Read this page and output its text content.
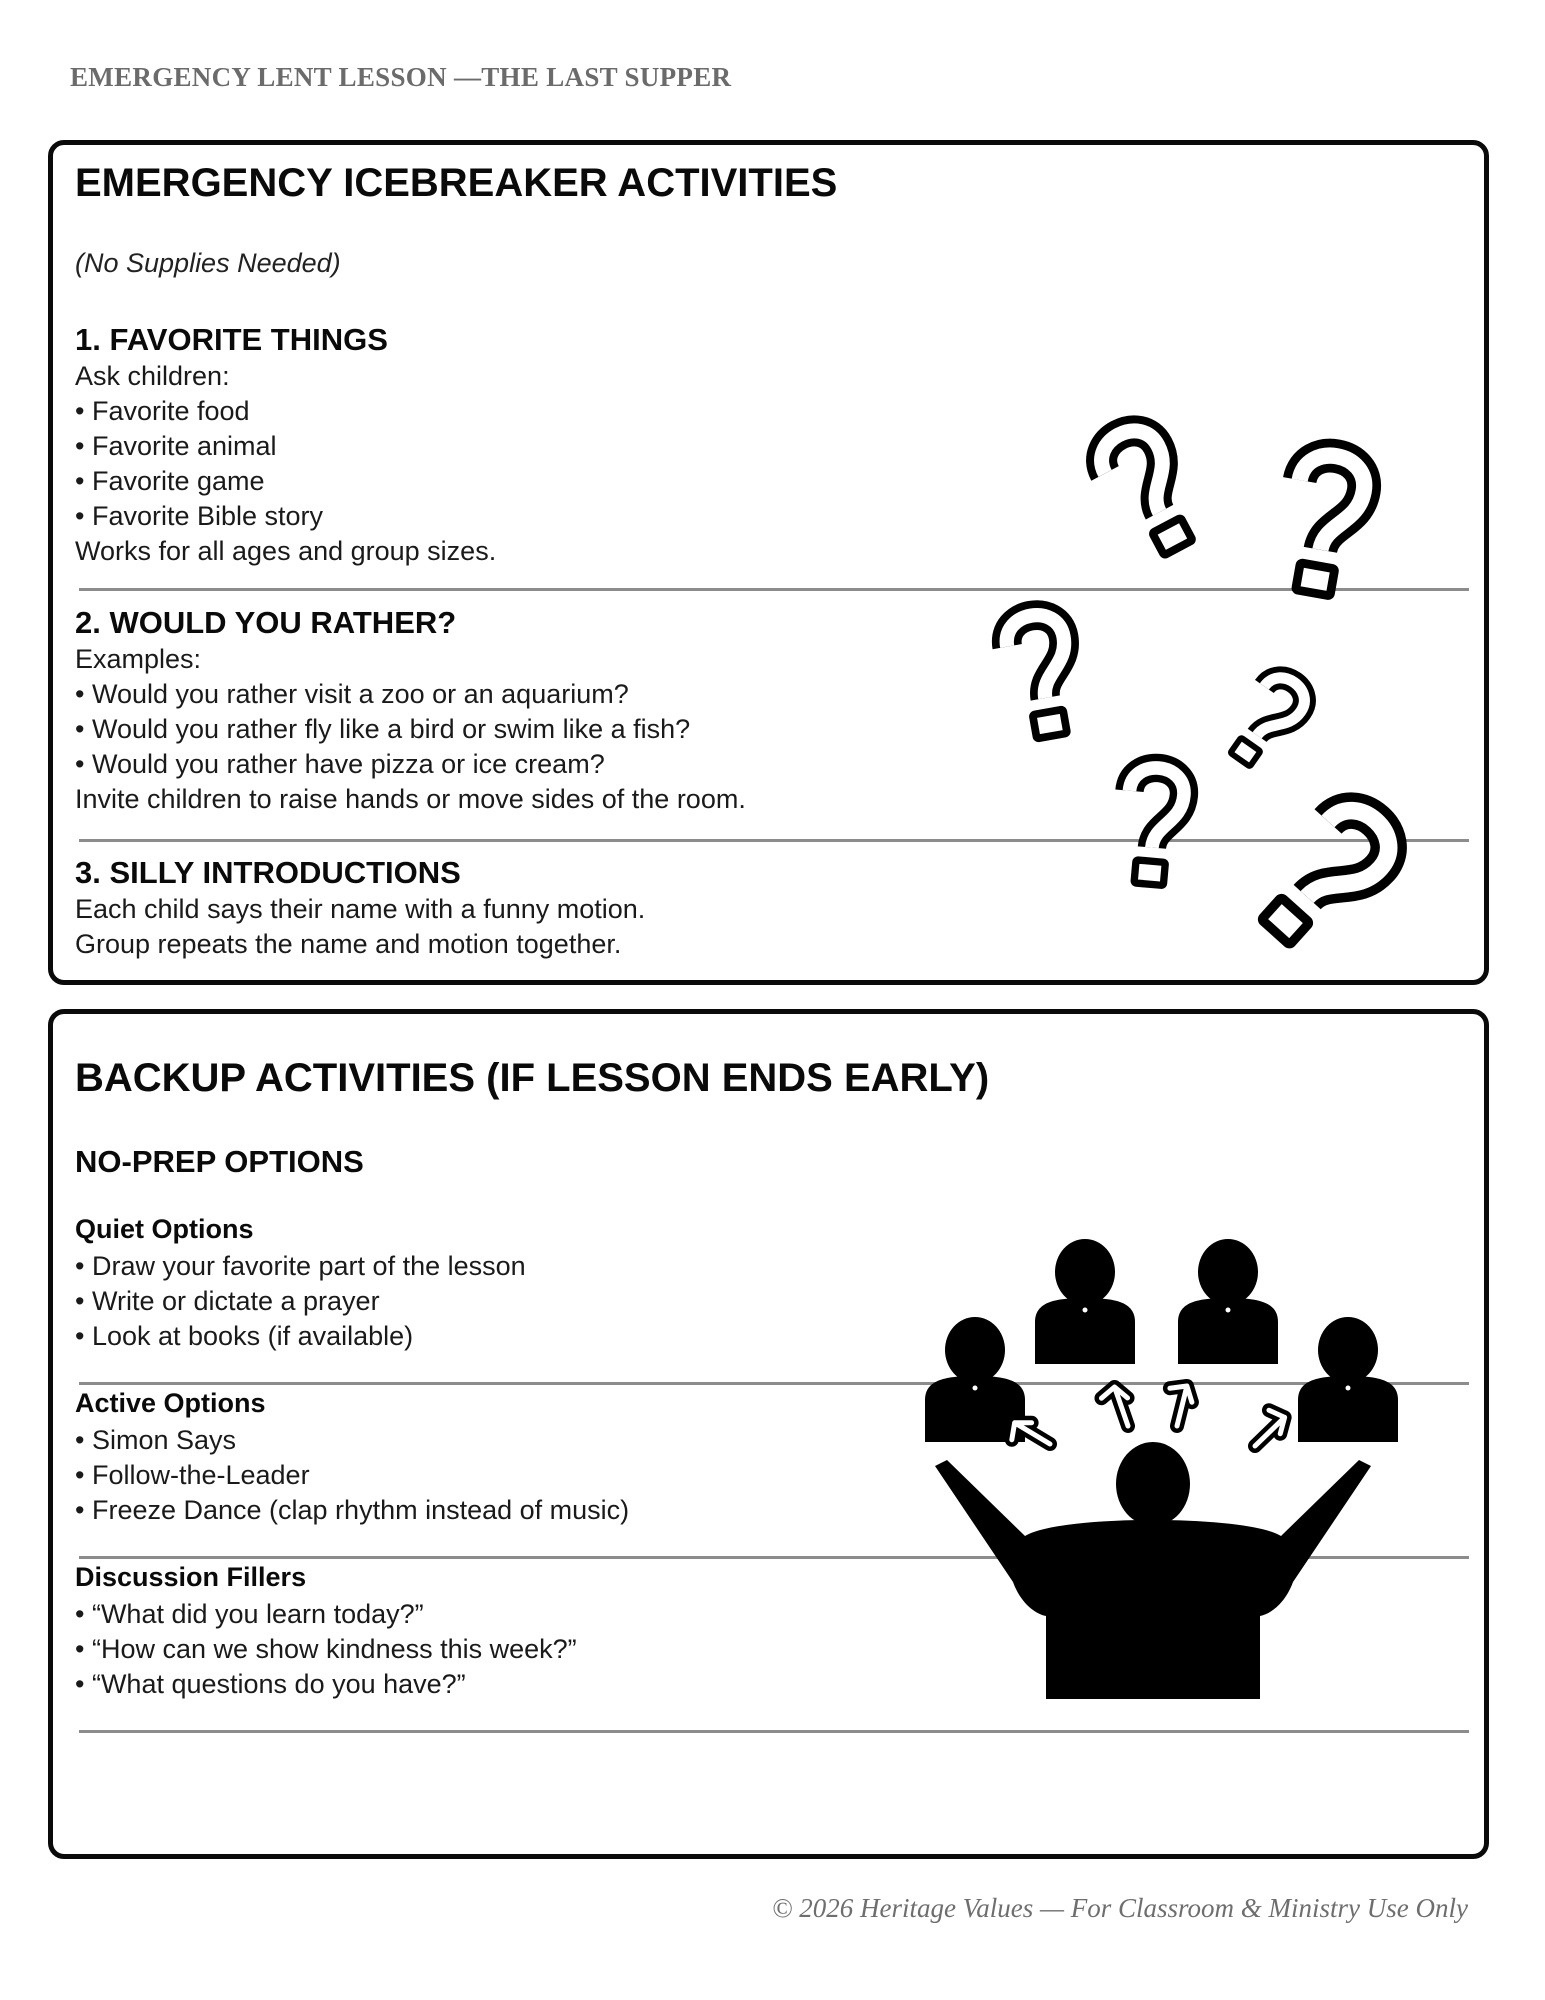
EMERGENCY LENT LESSON —THE LAST SUPPER
EMERGENCY ICEBREAKER ACTIVITIES
(No Supplies Needed)
1. FAVORITE THINGS
Ask children:
• Favorite food
• Favorite animal
• Favorite game
• Favorite Bible story
Works for all ages and group sizes.
2. WOULD YOU RATHER?
Examples:
• Would you rather visit a zoo or an aquarium?
• Would you rather fly like a bird or swim like a fish?
• Would you rather have pizza or ice cream?
Invite children to raise hands or move sides of the room.
3. SILLY INTRODUCTIONS
Each child says their name with a funny motion.
Group repeats the name and motion together.
BACKUP ACTIVITIES (IF LESSON ENDS EARLY)
NO-PREP OPTIONS
Quiet Options
• Draw your favorite part of the lesson
• Write or dictate a prayer
• Look at books (if available)
Active Options
• Simon Says
• Follow-the-Leader
• Freeze Dance (clap rhythm instead of music)
Discussion Fillers
• “What did you learn today?”
• “How can we show kindness this week?”
• “What questions do you have?”
© 2026 Heritage Values — For Classroom & Ministry Use Only
